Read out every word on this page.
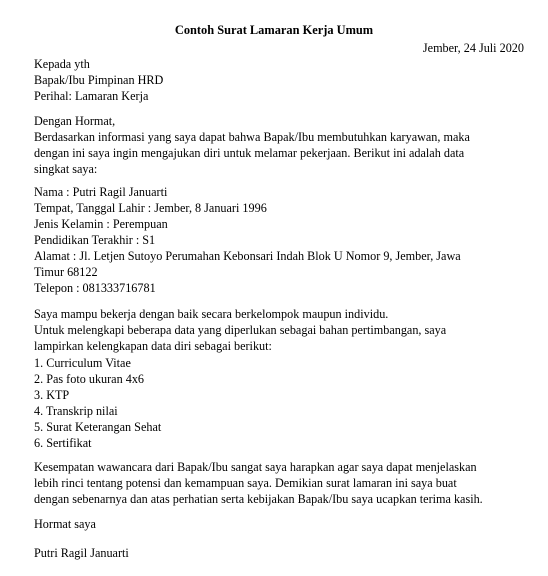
Contoh Surat Lamaran Kerja Umum
Jember, 24 Juli 2020
Kepada yth
Bapak/Ibu Pimpinan HRD
Perihal: Lamaran Kerja
Dengan Hormat,
Berdasarkan informasi yang saya dapat bahwa Bapak/Ibu membutuhkan karyawan, maka
dengan ini saya ingin mengajukan diri untuk melamar pekerjaan. Berikut ini adalah data
singkat saya:
Nama : Putri Ragil Januarti
Tempat, Tanggal Lahir : Jember, 8 Januari 1996
Jenis Kelamin : Perempuan
Pendidikan Terakhir : S1
Alamat : Jl. Letjen Sutoyo Perumahan Kebonsari Indah Blok U Nomor 9, Jember, Jawa
Timur 68122
Telepon : 081333716781
Saya mampu bekerja dengan baik secara berkelompok maupun individu.
Untuk melengkapi beberapa data yang diperlukan sebagai bahan pertimbangan, saya
lampirkan kelengkapan data diri sebagai berikut:
1. Curriculum Vitae
2. Pas foto ukuran 4x6
3. KTP
4. Transkrip nilai
5. Surat Keterangan Sehat
6. Sertifikat
Kesempatan wawancara dari Bapak/Ibu sangat saya harapkan agar saya dapat menjelaskan
lebih rinci tentang potensi dan kemampuan saya. Demikian surat lamaran ini saya buat
dengan sebenarnya dan atas perhatian serta kebijakan Bapak/Ibu saya ucapkan terima kasih.
Hormat saya
Putri Ragil Januarti
